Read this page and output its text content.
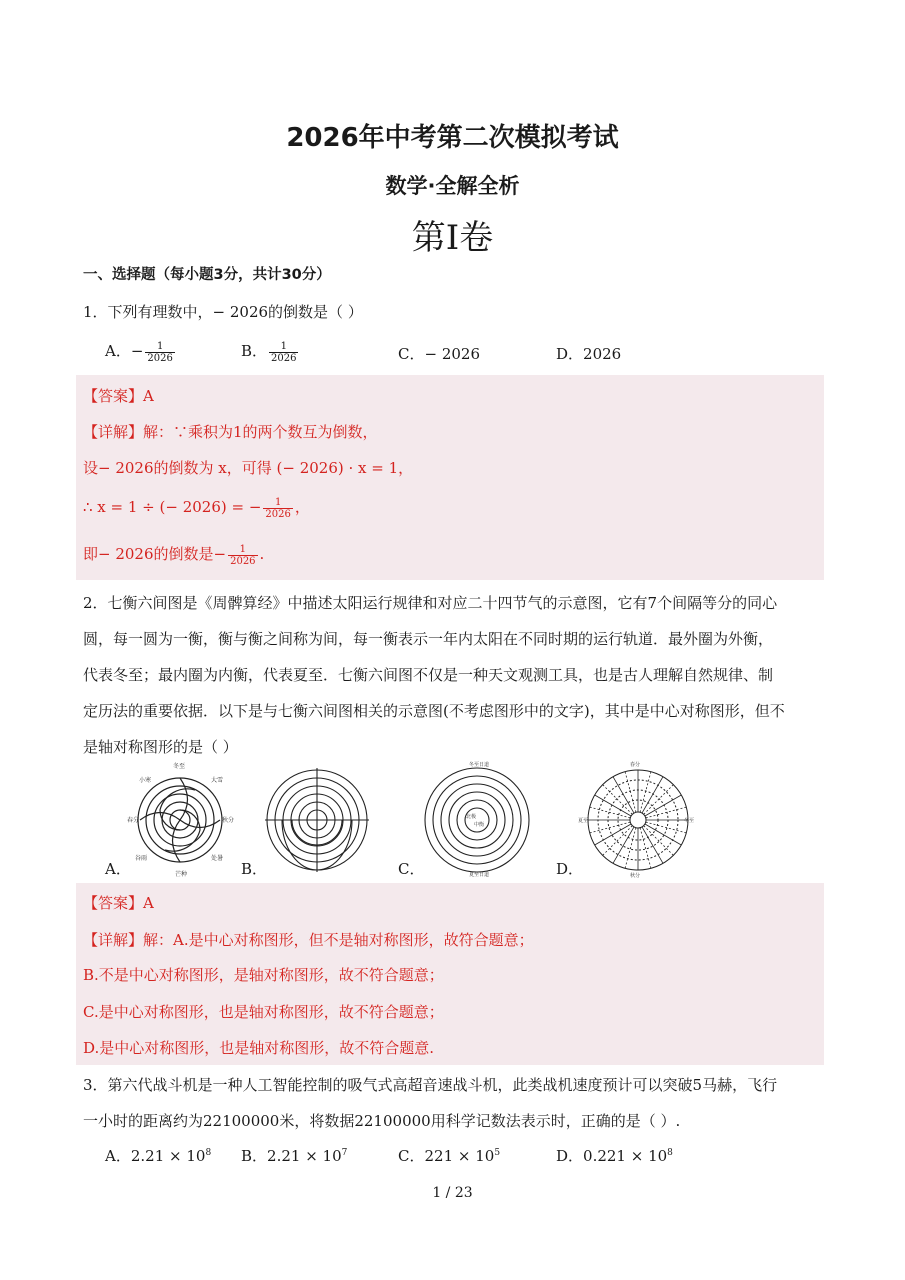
2026年中考第二次模拟考试
数学·全解全析
第Ⅰ卷
一、选择题（每小题3分，共计30分）
1．下列有理数中，− 2026的倒数是（ ）
A．− $\frac{1}{2026}$	B． $\frac{1}{2026}$	C．− 2026	D．2026
【答案】A
【详解】解：∵乘积为1的两个数互为倒数，
设− 2026的倒数为 x，可得 (− 2026) · x = 1，
∴ x = 1 ÷ (− 2026) = − $\frac{1}{2026}$ ，
即− 2026的倒数是− $\frac{1}{2026}$ .
2．七衡六间图是《周髀算经》中描述太阳运行规律和对应二十四节气的示意图，它有7个间隔等分的同心
圆，每一圆为一衡，衡与衡之间称为间，每一衡表示一年内太阳在不同时期的运行轨道．最外圈为外衡，
代表冬至；最内圈为内衡，代表夏至．七衡六间图不仅是一种天文观测工具，也是古人理解自然规律、制
定历法的重要依据．以下是与七衡六间图相关的示意图(不考虑图形中的文字)，其中是中心对称图形，但不
是轴对称图形的是（ ）
冬至
芒种
春分	秋分
小寒	大雪
谷雨	处暑
冬至日道
夏至日道
北极
中衡
春分
秋分
夏至	冬至
A．	B．	C．	D．
【答案】A
【详解】解：A.是中心对称图形，但不是轴对称图形，故符合题意；
B.不是中心对称图形，是轴对称图形，故不符合题意；
C.是中心对称图形，也是轴对称图形，故不符合题意；
D.是中心对称图形，也是轴对称图形，故不符合题意.
3．第六代战斗机是一种人工智能控制的吸气式高超音速战斗机，此类战机速度预计可以突破5马赫，飞行
一小时的距离约为22100000米，将数据22100000用科学记数法表示时，正确的是（ ）.
A．$2.21 \times 10^8$ B．$2.21 \times 10^7$	C．$221 \times 10^5$	D．$0.221 \times 10^8$
1 / 23
